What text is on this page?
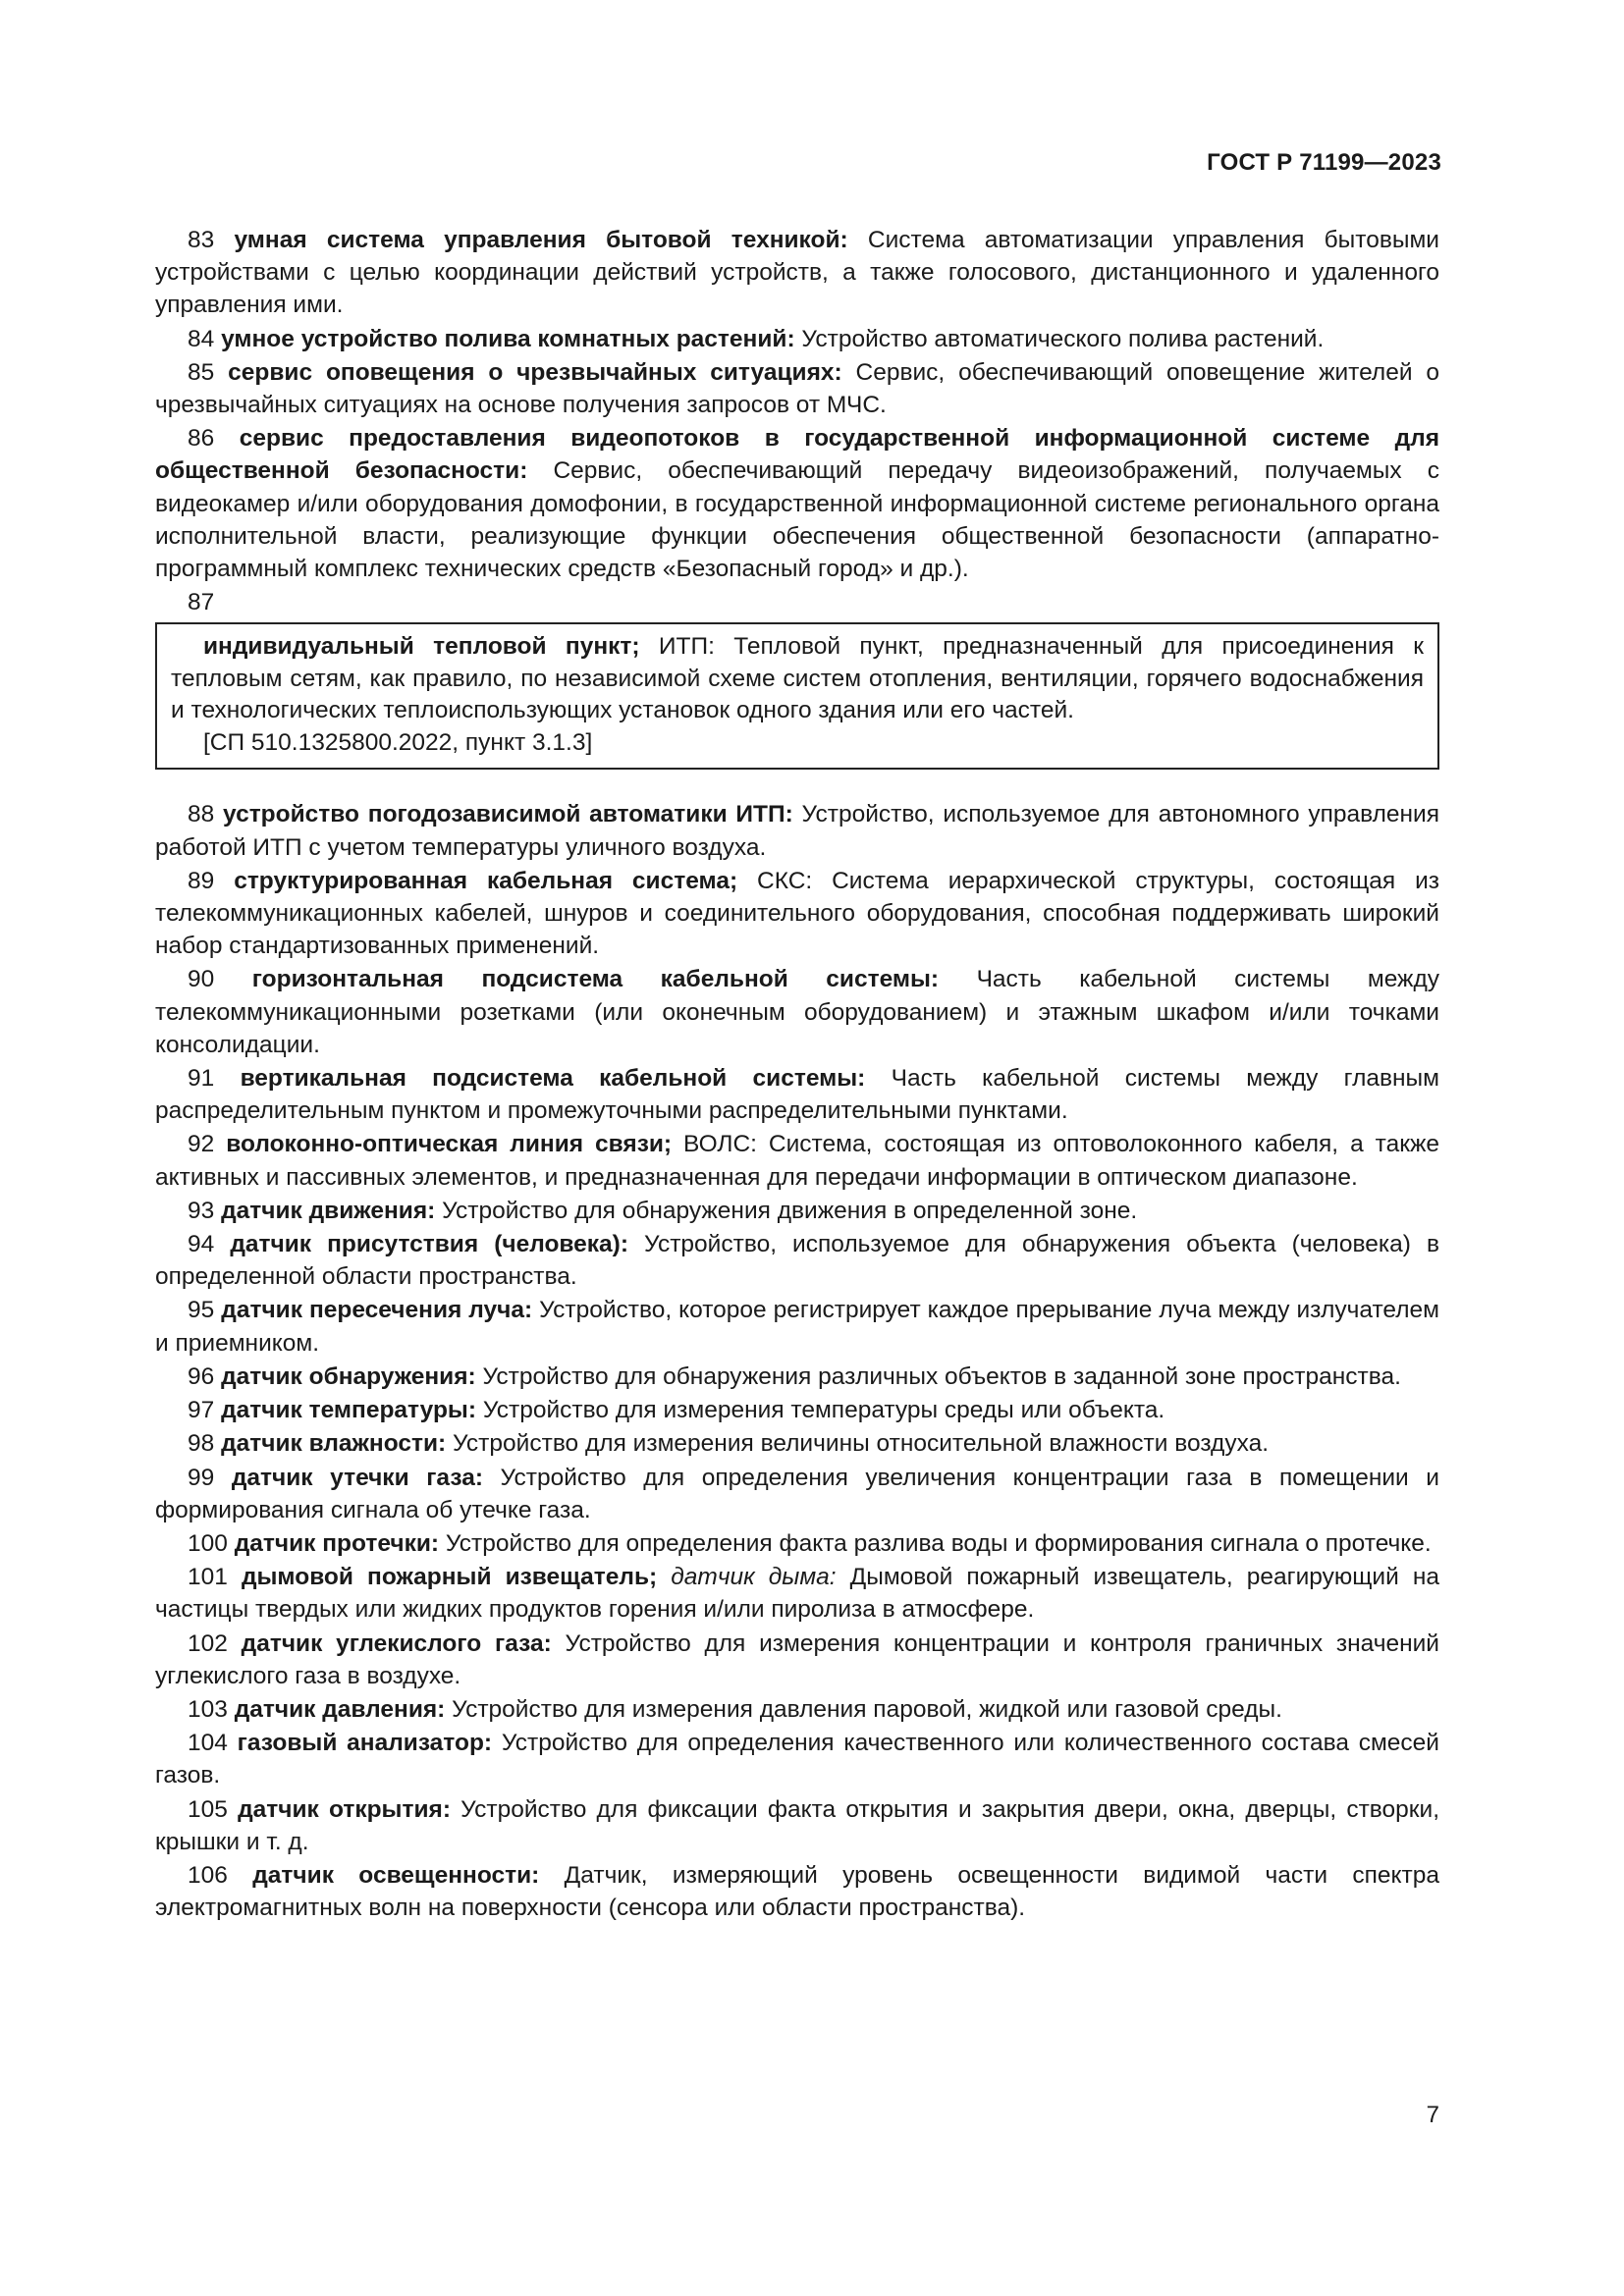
ГОСТ Р 71199—2023

83 умная система управления бытовой техникой: Система автоматизации управления бытовыми устройствами с целью координации действий устройств, а также голосового, дистанционного и удаленного управления ими.

84 умное устройство полива комнатных растений: Устройство автоматического полива растений.

85 сервис оповещения о чрезвычайных ситуациях: Сервис, обеспечивающий оповещение жителей о чрезвычайных ситуациях на основе получения запросов от МЧС.

86 сервис предоставления видеопотоков в государственной информационной системе для общественной безопасности: Сервис, обеспечивающий передачу видеоизображений, получаемых с видеокамер и/или оборудования домофонии, в государственной информационной системе регионального органа исполнительной власти, реализующие функции обеспечения общественной безопасности (аппаратно-программный комплекс технических средств «Безопасный город» и др.).

87

индивидуальный тепловой пункт; ИТП: Тепловой пункт, предназначенный для присоединения к тепловым сетям, как правило, по независимой схеме систем отопления, вентиляции, горячего водоснабжения и технологических теплоиспользующих установок одного здания или его частей.

[СП 510.1325800.2022, пункт 3.1.3]

88 устройство погодозависимой автоматики ИТП: Устройство, используемое для автономного управления работой ИТП с учетом температуры уличного воздуха.

89 структурированная кабельная система; СКС: Система иерархической структуры, состоящая из телекоммуникационных кабелей, шнуров и соединительного оборудования, способная поддерживать широкий набор стандартизованных применений.

90 горизонтальная подсистема кабельной системы: Часть кабельной системы между телекоммуникационными розетками (или оконечным оборудованием) и этажным шкафом и/или точками консолидации.

91 вертикальная подсистема кабельной системы: Часть кабельной системы между главным распределительным пунктом и промежуточными распределительными пунктами.

92 волоконно-оптическая линия связи; ВОЛС: Система, состоящая из оптоволоконного кабеля, а также активных и пассивных элементов, и предназначенная для передачи информации в оптическом диапазоне.

93 датчик движения: Устройство для обнаружения движения в определенной зоне.

94 датчик присутствия (человека): Устройство, используемое для обнаружения объекта (человека) в определенной области пространства.

95 датчик пересечения луча: Устройство, которое регистрирует каждое прерывание луча между излучателем и приемником.

96 датчик обнаружения: Устройство для обнаружения различных объектов в заданной зоне пространства.

97 датчик температуры: Устройство для измерения температуры среды или объекта.

98 датчик влажности: Устройство для измерения величины относительной влажности воздуха.

99 датчик утечки газа: Устройство для определения увеличения концентрации газа в помещении и формирования сигнала об утечке газа.

100 датчик протечки: Устройство для определения факта разлива воды и формирования сигнала о протечке.

101 дымовой пожарный извещатель; датчик дыма: Дымовой пожарный извещатель, реагирующий на частицы твердых или жидких продуктов горения и/или пиролиза в атмосфере.

102 датчик углекислого газа: Устройство для измерения концентрации и контроля граничных значений углекислого газа в воздухе.

103 датчик давления: Устройство для измерения давления паровой, жидкой или газовой среды.

104 газовый анализатор: Устройство для определения качественного или количественного состава смесей газов.

105 датчик открытия: Устройство для фиксации факта открытия и закрытия двери, окна, дверцы, створки, крышки и т. д.

106 датчик освещенности: Датчик, измеряющий уровень освещенности видимой части спектра электромагнитных волн на поверхности (сенсора или области пространства).

7
